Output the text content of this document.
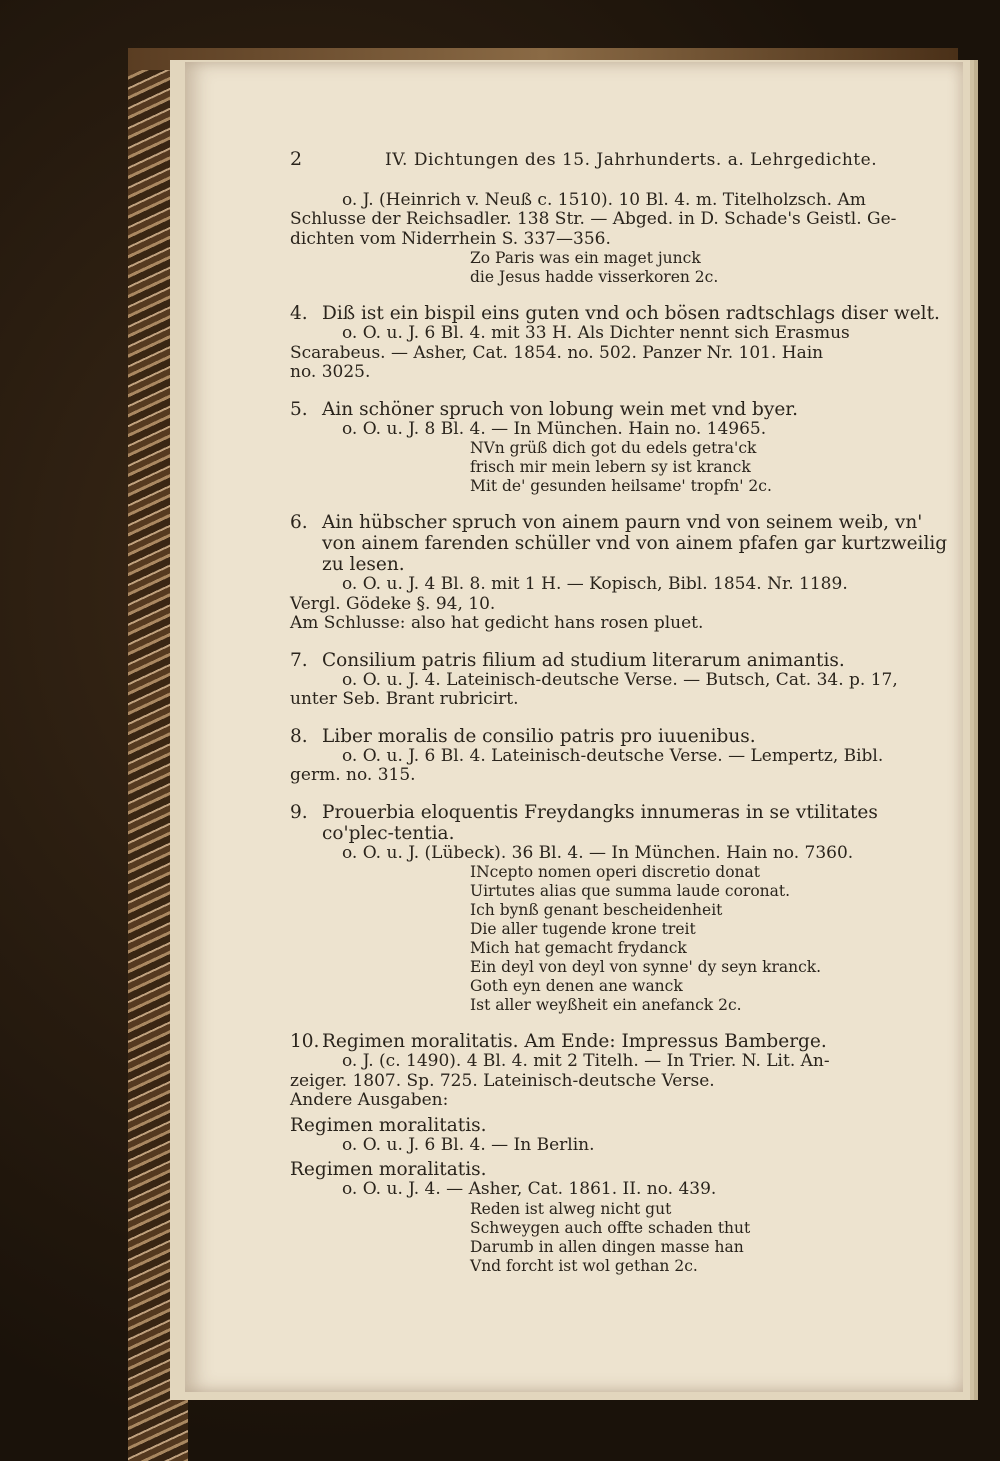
2	IV. Dichtungen des 15. Jahrhunderts. a. Lehrgedichte.

o. J. (Heinrich v. Neuß c. 1510). 10 Bl. 4. m. Titelholzsch. Am

Schlusse der Reichsadler. 138 Str. — Abged. in D. Schade's Geistl. Ge-

dichten vom Niderrhein S. 337—356.

Zo Paris was ein maget junck

die Jesus hadde visserkoren 2c.

4. Diß ist ein bispil eins guten vnd och bösen radtschlags diser welt.

o. O. u. J. 6 Bl. 4. mit 33 H. Als Dichter nennt sich Erasmus

Scarabeus. — Asher, Cat. 1854. no. 502. Panzer Nr. 101. Hain

no. 3025.

5. Ain schöner spruch von lobung wein met vnd byer.

o. O. u. J. 8 Bl. 4. — In München. Hain no. 14965.

NVn grüß dich got du edels getra'ck

frisch mir mein lebern sy ist kranck

Mit de' gesunden heilsame' tropfn' 2c.

6. Ain hübscher spruch von ainem paurn vnd von seinem weib, vn' von ainem farenden schüller vnd von ainem pfafen gar kurtzweilig zu lesen.

o. O. u. J. 4 Bl. 8. mit 1 H. — Kopisch, Bibl. 1854. Nr. 1189.

Vergl. Gödeke §. 94, 10.

Am Schlusse: also hat gedicht hans rosen pluet.

7. Consilium patris filium ad studium literarum animantis.

o. O. u. J. 4. Lateinisch-deutsche Verse. — Butsch, Cat. 34. p. 17,

unter Seb. Brant rubricirt.

8. Liber moralis de consilio patris pro iuuenibus.

o. O. u. J. 6 Bl. 4. Lateinisch-deutsche Verse. — Lempertz, Bibl.

germ. no. 315.

9. Prouerbia eloquentis Freydangks innumeras in se vtilitates co'plec-tentia.

o. O. u. J. (Lübeck). 36 Bl. 4. — In München. Hain no. 7360.

INcepto nomen operi discretio donat

Uirtutes alias que summa laude coronat.

Ich bynß genant bescheidenheit

Die aller tugende krone treit

Mich hat gemacht frydanck

Ein deyl von deyl von synne' dy seyn kranck.

Goth eyn denen ane wanck

Ist aller weyßheit ein anefanck 2c.

10. Regimen moralitatis. Am Ende: Impressus Bamberge.

o. J. (c. 1490). 4 Bl. 4. mit 2 Titelh. — In Trier. N. Lit. An-

zeiger. 1807. Sp. 725. Lateinisch-deutsche Verse.

Andere Ausgaben:

Regimen moralitatis.

o. O. u. J. 6 Bl. 4. — In Berlin.

Regimen moralitatis.

o. O. u. J. 4. — Asher, Cat. 1861. II. no. 439.

Reden ist alweg nicht gut

Schweygen auch offte schaden thut

Darumb in allen dingen masse han

Vnd forcht ist wol gethan 2c.
